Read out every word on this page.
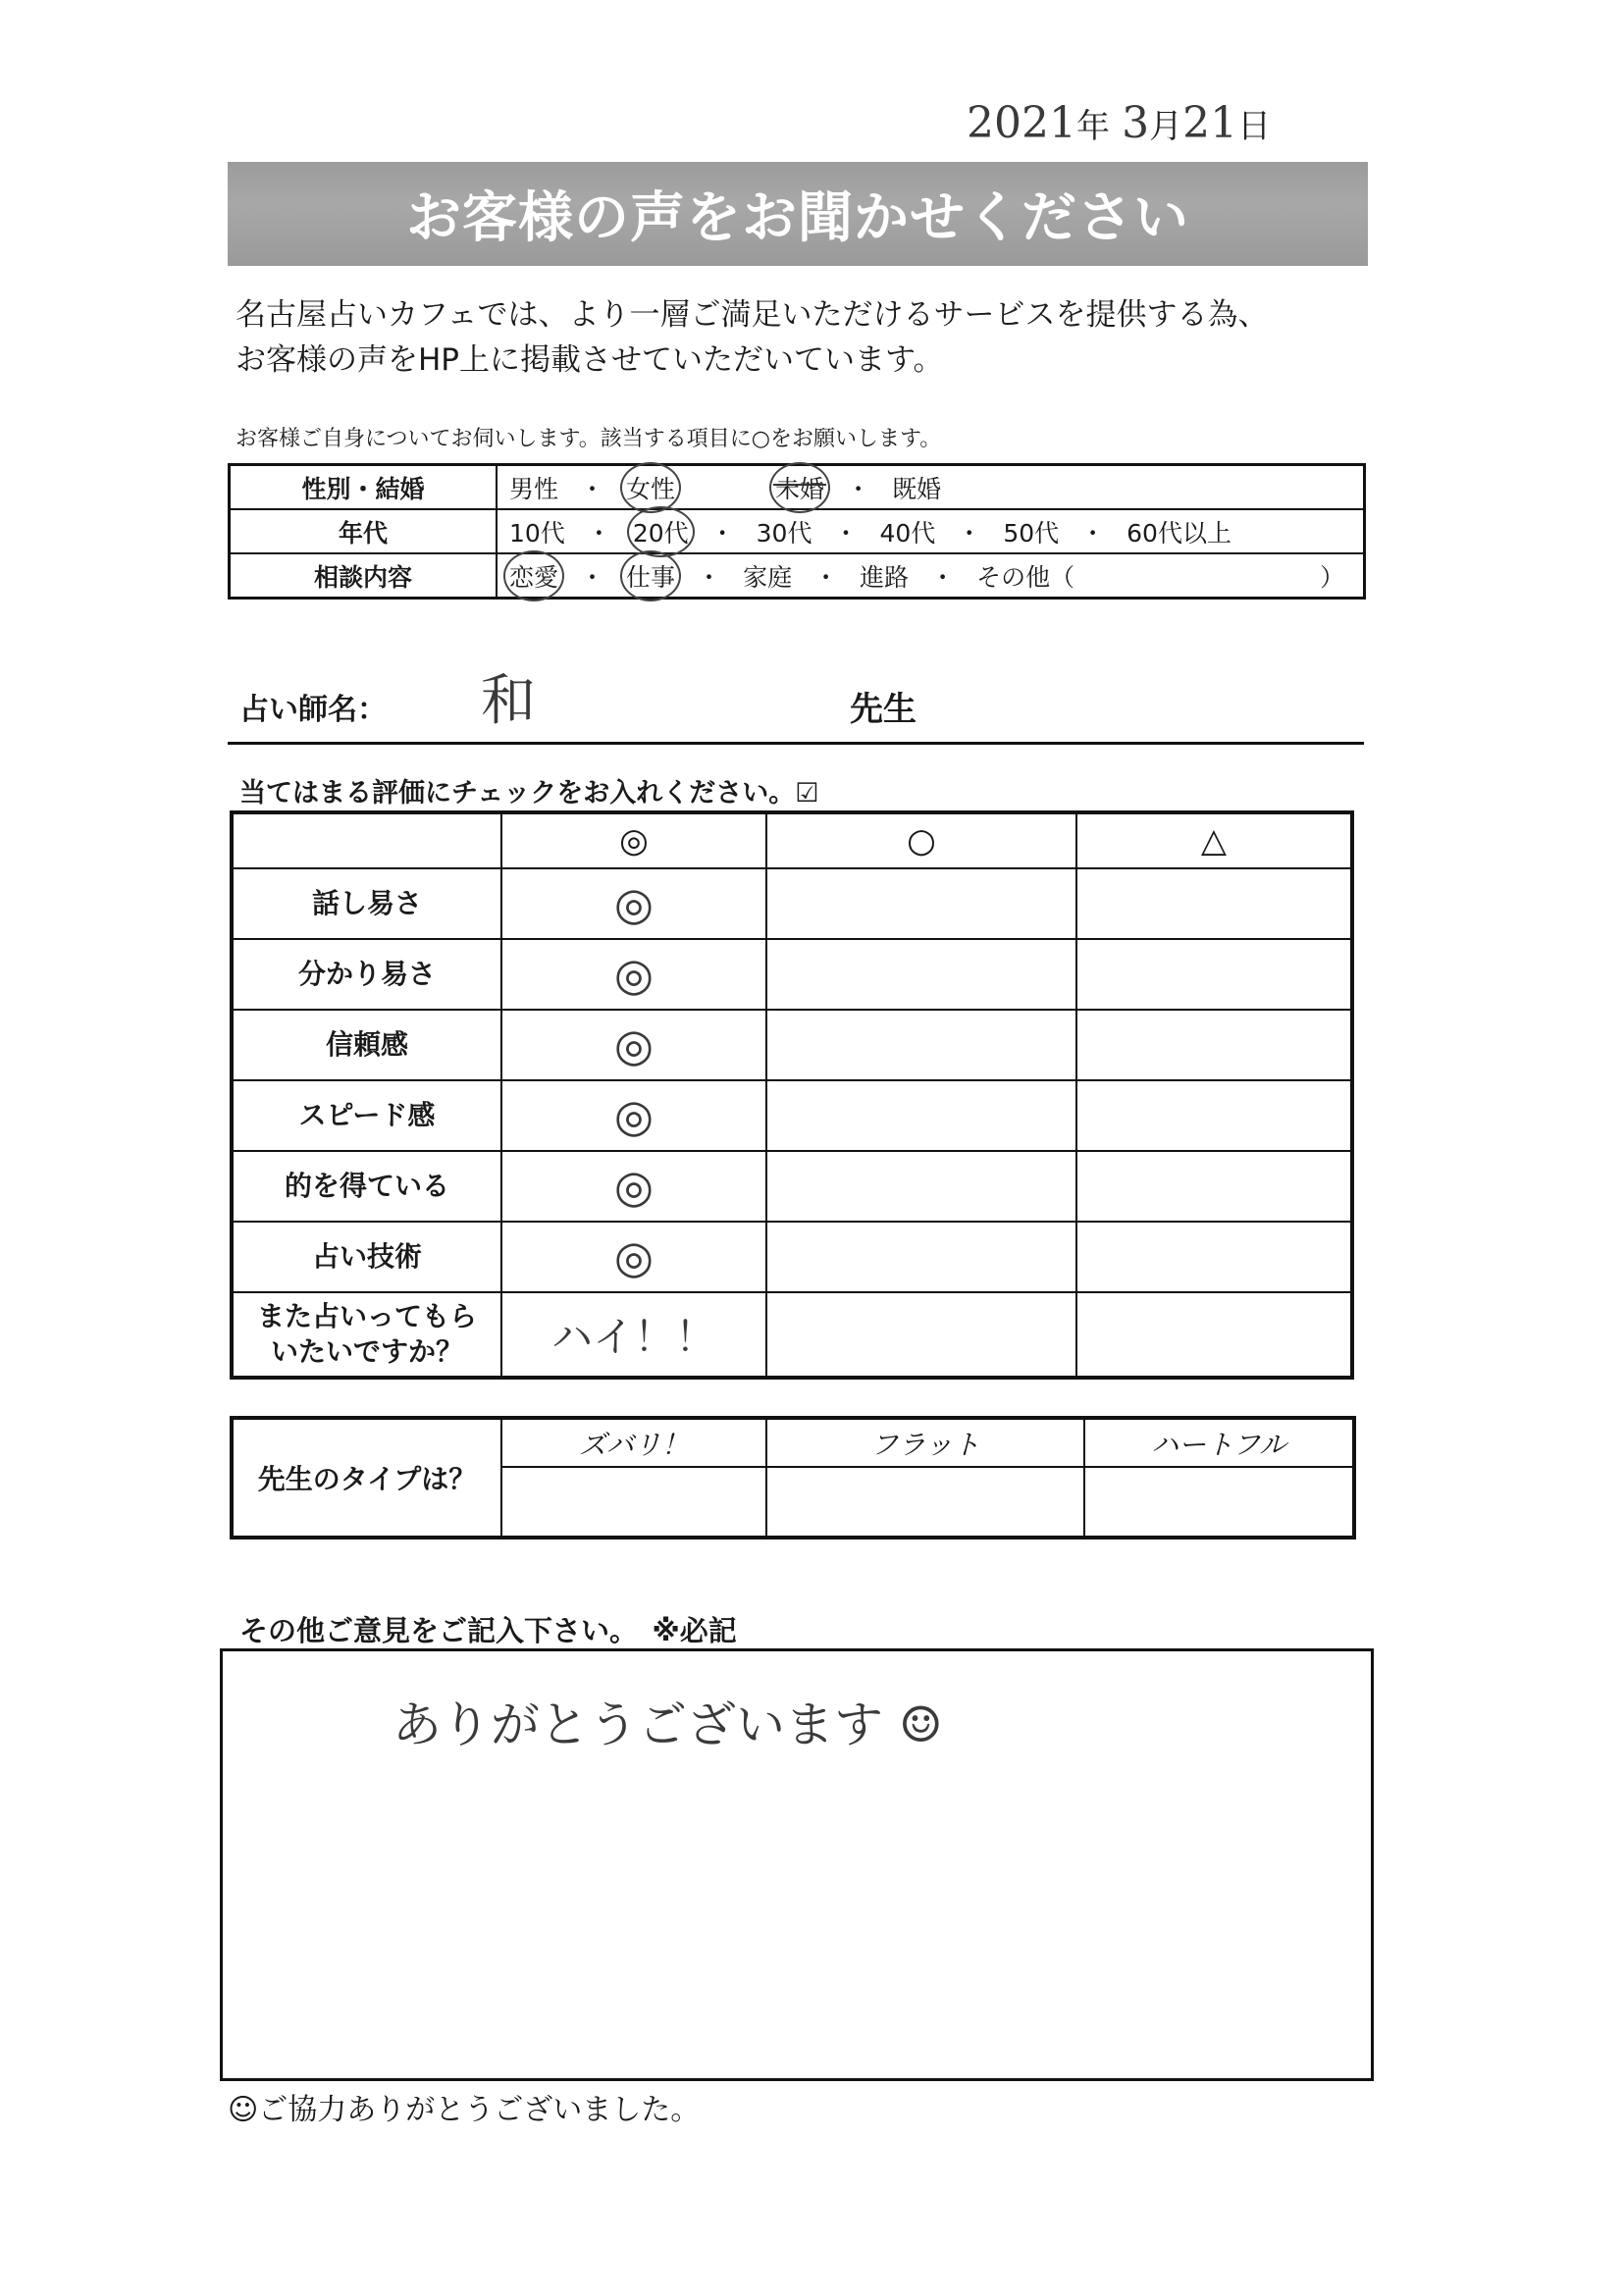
2021年 3月21日
お客様の声をお聞かせください
名古屋占いカフェでは、より一層ご満足いただけるサービスを提供する為、
お客様の声をHP上に掲載させていただいています。
お客様ご自身についてお伺いします。該当する項目に○をお願いします。
性別・結婚	男性 ・ 女性 未婚 ・ 既婚
年代	10代 ・ 20代 ・ 30代 ・ 40代 ・ 50代 ・ 60代以上
相談内容	恋愛 ・ 仕事 ・ 家庭 ・ 進路 ・ その他（ ）
占い師名： 和	先生
当てはまる評価にチェックをお入れください。☑
	◎	○	△
話し易さ	◎		
分かり易さ	◎		
信頼感	◎		
スピード感	◎		
的を得ている	◎		
占い技術	◎		

また占いってもら
いたいですか？	ハイ！！		
先生のタイプは？	ズバリ！	フラット	ハートフル

その他ご意見をご記入下さい。　※必記
ありがとうございます ☺
☺ご協力ありがとうございました。
